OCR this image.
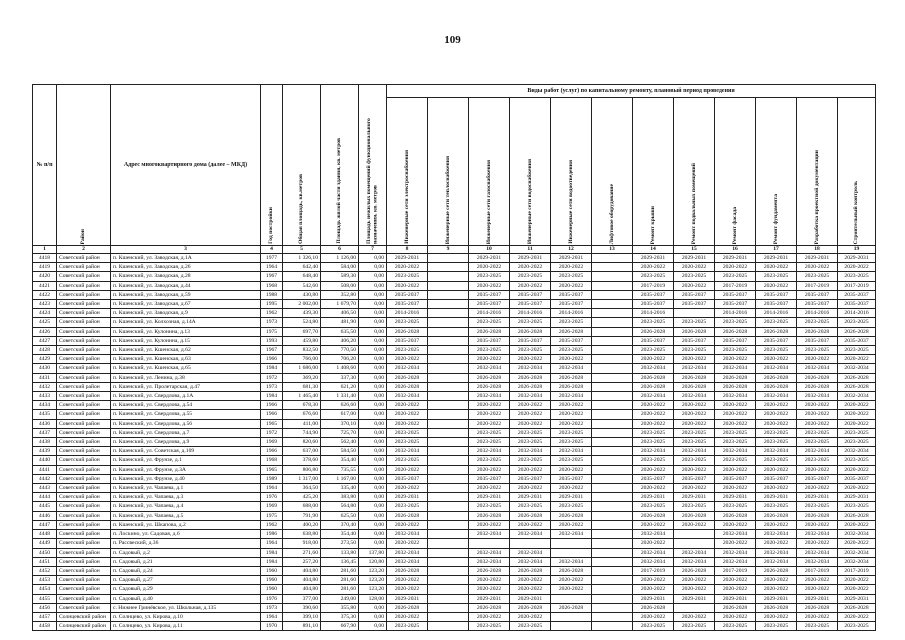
109
№ п/п	Район	Адрес многоквартирного дома (далее – МКД)	Год постройки	Общая площадь, кв.метров	Площадь жилой части здания, кв. метров	Площадь нежилых помещений функционального назначения, кв. метров	Виды работ (услуг) по капитальному ремонту, плановый период проведения											

							Инженерные сети электроснабжения	Инженерные сети теплоснабжения	Инженерные сети газоснабжения	Инженерные сети водоснабжения	Инженерные сети водоотведения	Лифтовое оборудование	Ремонт крыши	Ремонт подвальных помещений	Ремонт фасада	Ремонт фундамента	Разработка проектной документации	Строительный контроль

1	2	3	4	5	6	7	8	9	10	11	12	13	14	15	16	17	18	19
4418	Советский район	п. Кшенский, ул. Заводская, д.1А	1977	1 326,10	1 126,00	0,00	2029-2031		2029-2031	2029-2031	2029-2031		2029-2031	2029-2031	2029-2031	2029-2031	2029-2031	2029-2031
4419	Советский район	п. Кшенский, ул. Заводская, д.26	1964	642,40	584,00	0,00	2020-2022		2020-2022	2020-2022	2020-2022		2020-2022	2020-2022	2020-2022	2020-2022	2020-2022	2020-2022
4420	Советский район	п. Кшенский, ул. Заводская, д.28	1967	648,40	589,30	0,00	2023-2025		2023-2025	2023-2025	2023-2025		2023-2025	2023-2025	2023-2025	2023-2025	2023-2025	2023-2025
4421	Советский район	п. Кшенский, ул. Заводская, д.44	1968	542,60	508,00	0,00	2020-2022		2020-2022	2020-2022	2020-2022		2017-2019	2020-2022	2017-2019	2020-2022	2017-2019	2017-2019
4422	Советский район	п. Кшенский, ул. Заводская, д.59	1988	430,80	352,80	0,00	2035-2037		2035-2037	2035-2037	2035-2037		2035-2037	2035-2037	2035-2037	2035-2037	2035-2037	2035-2037
4423	Советский район	п. Кшенский, ул. Заводская, д.67	1995	2 002,00	1 679,70	0,00	2035-2037		2035-2037	2035-2037	2035-2037		2035-2037	2035-2037	2035-2037	2035-2037	2035-2037	2035-2037
4424	Советский район	п. Кшенский, ул. Заводская, д.9	1962	439,30	406,50	0,00	2014-2016		2014-2016	2014-2016	2014-2016		2014-2016		2014-2016	2014-2016	2014-2016	2014-2016
4425	Советский район	п. Кшенский, ул. Колхозная, д.14А	1973	524,80	481,90	0,00	2023-2025		2023-2025	2023-2025	2023-2025		2023-2025	2023-2025	2023-2025	2023-2025	2023-2025	2023-2025
4426	Советский район	п. Кшенский, ул. Кулонина, д.13	1975	697,70	635,50	0,00	2026-2028		2026-2028	2026-2028	2026-2028		2026-2028	2026-2028	2026-2028	2026-2028	2026-2028	2026-2028
4427	Советский район	п. Кшенский, ул. Кулонина, д.15	1993	459,80	406,20	0,00	2035-2037		2035-2037	2035-2037	2035-2037		2035-2037	2035-2037	2035-2037	2035-2037	2035-2037	2035-2037
4428	Советский район	п. Кшенский, ул. Кшенская, д.62	1967	832,50	770,50	0,00	2023-2025		2023-2025	2023-2025	2023-2025		2023-2025	2023-2025	2023-2025	2023-2025	2023-2025	2023-2025
4429	Советский район	п. Кшенский, ул. Кшенская, д.63	1966	766,00	706,20	0,00	2020-2022		2020-2022	2020-2022	2020-2022		2020-2022	2020-2022	2020-2022	2020-2022	2020-2022	2020-2022
4430	Советский район	п. Кшенский, ул. Кшенская, д.65	1984	1 686,00	1 408,60	0,00	2032-2034		2032-2034	2032-2034	2032-2034		2032-2034	2032-2034	2032-2034	2032-2034	2032-2034	2032-2034
4431	Советский район	п. Кшенский, ул. Ленина, д.38	1972	369,20	337,30	0,00	2026-2028		2026-2028	2026-2028	2026-2028		2026-2028	2026-2028	2026-2028	2026-2028	2026-2028	2026-2028
4432	Советский район	п. Кшенский, ул. Пролетарская, д.47	1973	681,30	621,20	0,00	2026-2028		2026-2028	2026-2028	2026-2028		2026-2028	2026-2028	2026-2028	2026-2028	2026-2028	2026-2028
4433	Советский район	п. Кшенский, ул. Свердлова, д.1А	1984	1 465,40	1 331,40	0,00	2032-2034		2032-2034	2032-2034	2032-2034		2032-2034	2032-2034	2032-2034	2032-2034	2032-2034	2032-2034
4434	Советский район	п. Кшенский, ул. Свердлова, д.54	1966	678,30	626,60	0,00	2020-2022		2020-2022	2020-2022	2020-2022		2020-2022	2020-2022	2020-2022	2020-2022	2020-2022	2020-2022
4435	Советский район	п. Кшенский, ул. Свердлова, д.55	1966	676,60	617,00	0,00	2020-2022		2020-2022	2020-2022	2020-2022		2020-2022	2020-2022	2020-2022	2020-2022	2020-2022	2020-2022
4436	Советский район	п. Кшенский, ул. Свердлова, д.56	1965	411,00	370,10	0,00	2020-2022		2020-2022	2020-2022	2020-2022		2020-2022	2020-2022	2020-2022	2020-2022	2020-2022	2020-2022
4437	Советский район	п. Кшенский, ул. Свердлова, д.7	1972	744,90	725,70	0,00	2023-2025		2023-2025	2023-2025	2023-2025		2023-2025	2023-2025	2023-2025	2023-2025	2023-2025	2023-2025
4438	Советский район	п. Кшенский, ул. Свердлова, д.9	1969	820,60	562,40	0,00	2023-2025		2023-2025	2023-2025	2023-2025		2023-2025	2023-2025	2023-2025	2023-2025	2023-2025	2023-2025
4439	Советский район	п. Кшенский, ул. Советская, д.109	1966	637,00	584,50	0,00	2032-2034		2032-2034	2032-2034	2032-2034		2032-2034	2032-2034	2032-2034	2032-2034	2032-2034	2032-2034
4440	Советский район	п. Кшенский, ул. Фрунзе, д.1	1968	378,60	354,40	0,00	2023-2025		2023-2025	2023-2025	2023-2025		2023-2025	2023-2025	2023-2025	2023-2025	2023-2025	2023-2025
4441	Советский район	п. Кшенский, ул. Фрунзе, д.3А	1965	806,80	735,55	0,00	2020-2022		2020-2022	2020-2022	2020-2022		2020-2022	2020-2022	2020-2022	2020-2022	2020-2022	2020-2022
4442	Советский район	п. Кшенский, ул. Фрунзе, д.40	1989	1 317,00	1 167,00	0,00	2035-2037		2035-2037	2035-2037	2035-2037		2035-2037	2035-2037	2035-2037	2035-2037	2035-2037	2035-2037
4443	Советский район	п. Кшенский, ул. Чапаева, д.1	1964	364,50	335,40	0,00	2020-2022		2020-2022	2020-2022	2020-2022		2020-2022	2020-2022	2020-2022	2020-2022	2020-2022	2020-2022
4444	Советский район	п. Кшенский, ул. Чапаева, д.3	1976	425,20	383,80	0,00	2029-2031		2029-2031	2029-2031	2029-2031		2029-2031	2029-2031	2029-2031	2029-2031	2029-2031	2029-2031
4445	Советский район	п. Кшенский, ул. Чапаева, д.4	1969	688,00	564,80	0,00	2023-2025		2023-2025	2023-2025	2023-2025		2023-2025	2023-2025	2023-2025	2023-2025	2023-2025	2023-2025
4446	Советский район	п. Кшенский, ул. Чапаева, д.5	1975	791,90	625,50	0,00	2026-2028		2026-2028	2026-2028	2026-2028		2026-2028	2026-2028	2026-2028	2026-2028	2026-2028	2026-2028
4447	Советский район	п. Кшенский, ул. Шкапова, д.2	1962	400,20	370,40	0,00	2020-2022		2020-2022	2020-2022	2020-2022		2020-2022	2020-2022	2020-2022	2020-2022	2020-2022	2020-2022
4448	Советский район	п. Лоскино, ул. Садовая, д.6	1986	638,80	354,40	0,00	2032-2034		2032-2034	2032-2034	2032-2034		2032-2034		2032-2034	2032-2034	2032-2034	2032-2034
4449	Советский район	п. Рассвеский, д.36	1964	918,00	273,50	0,00	2020-2022						2020-2022		2020-2022	2020-2022	2020-2022	2020-2022
4450	Советский район	п. Садовый, д.2	1984	271,60	133,80	137,80	2032-2034		2032-2034	2032-2034			2032-2034	2032-2034	2032-2034	2032-2034	2032-2034	2032-2034
4451	Советский район	п. Садовый, д.21	1984	257,20	136,45	120,80	2032-2034		2032-2034	2032-2034	2032-2034		2032-2034	2032-2034	2032-2034	2032-2034	2032-2034	2032-2034
4452	Советский район	п. Садовый, д.24	1960	404,80	281,60	123,20	2026-2028		2026-2028	2026-2028	2026-2028		2017-2019	2026-2028	2017-2019	2026-2028	2017-2019	2017-2019
4453	Советский район	п. Садовый, д.27	1960	404,80	281,60	123,20	2020-2022		2020-2022	2020-2022	2020-2022		2020-2022	2020-2022	2020-2022	2020-2022	2020-2022	2020-2022
4454	Советский район	п. Садовый, д.29	1960	404,80	281,60	123,20	2020-2022		2020-2022	2020-2022	2020-2022		2020-2022	2020-2022	2020-2022	2020-2022	2020-2022	2020-2022
4455	Советский район	п. Садовый, д.40	1976	377,00	249,00	128,00	2029-2031		2029-2031	2029-2031			2029-2031	2029-2031	2029-2031	2029-2031	2029-2031	2029-2031
4456	Советский район	с. Нижнее Гринёвское, ул. Школьная, д.135	1973	390,60	355,80	0,00	2026-2028		2026-2028	2026-2028	2026-2028		2026-2028		2026-2028	2026-2028	2026-2028	2026-2028
4457	Солнцевский район	п. Солнцево, ул. Кирова, д.10	1964	399,10	375,30	0,00	2020-2022		2020-2022	2020-2022			2020-2022	2020-2022	2020-2022	2020-2022	2020-2022	2020-2022
4458	Солнцевский район	п. Солнцево, ул. Кирова, д.11	1970	891,10	667,90	0,00	2023-2025		2023-2025	2023-2025			2023-2025	2023-2025	2023-2025	2023-2025	2023-2025	2023-2025
